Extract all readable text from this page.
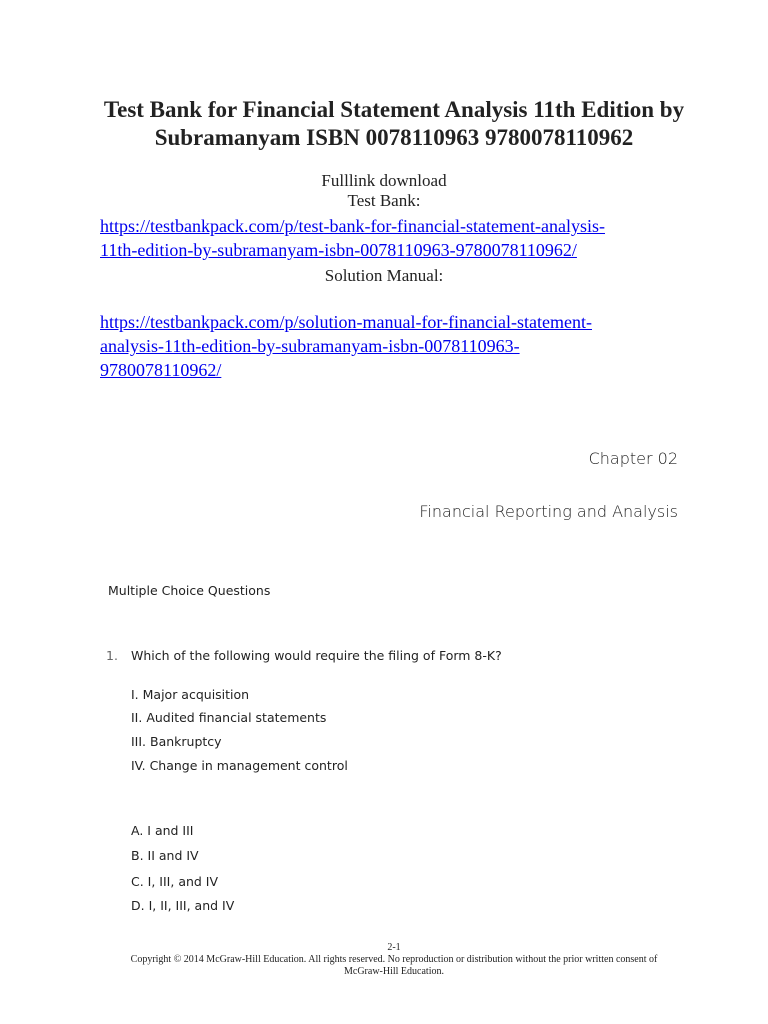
Test Bank for Financial Statement Analysis 11th Edition by
Subramanyam ISBN 0078110963 9780078110962
Fulllink download
Test Bank:
https://testbankpack.com/p/test-bank-for-financial-statement-analysis-
11th-edition-by-subramanyam-isbn-0078110963-9780078110962/
Solution Manual:
https://testbankpack.com/p/solution-manual-for-financial-statement-
analysis-11th-edition-by-subramanyam-isbn-0078110963-
9780078110962/
Chapter 02
Financial Reporting and Analysis
Multiple Choice Questions
1. Which of the following would require the filing of Form 8-K?
I. Major acquisition
II. Audited financial statements
III. Bankruptcy
IV. Change in management control
A. I and III
B. II and IV
C. I, III, and IV
D. I, II, III, and IV
2-1
Copyright © 2014 McGraw-Hill Education. All rights reserved. No reproduction or distribution without the prior written consent of
McGraw-Hill Education.
